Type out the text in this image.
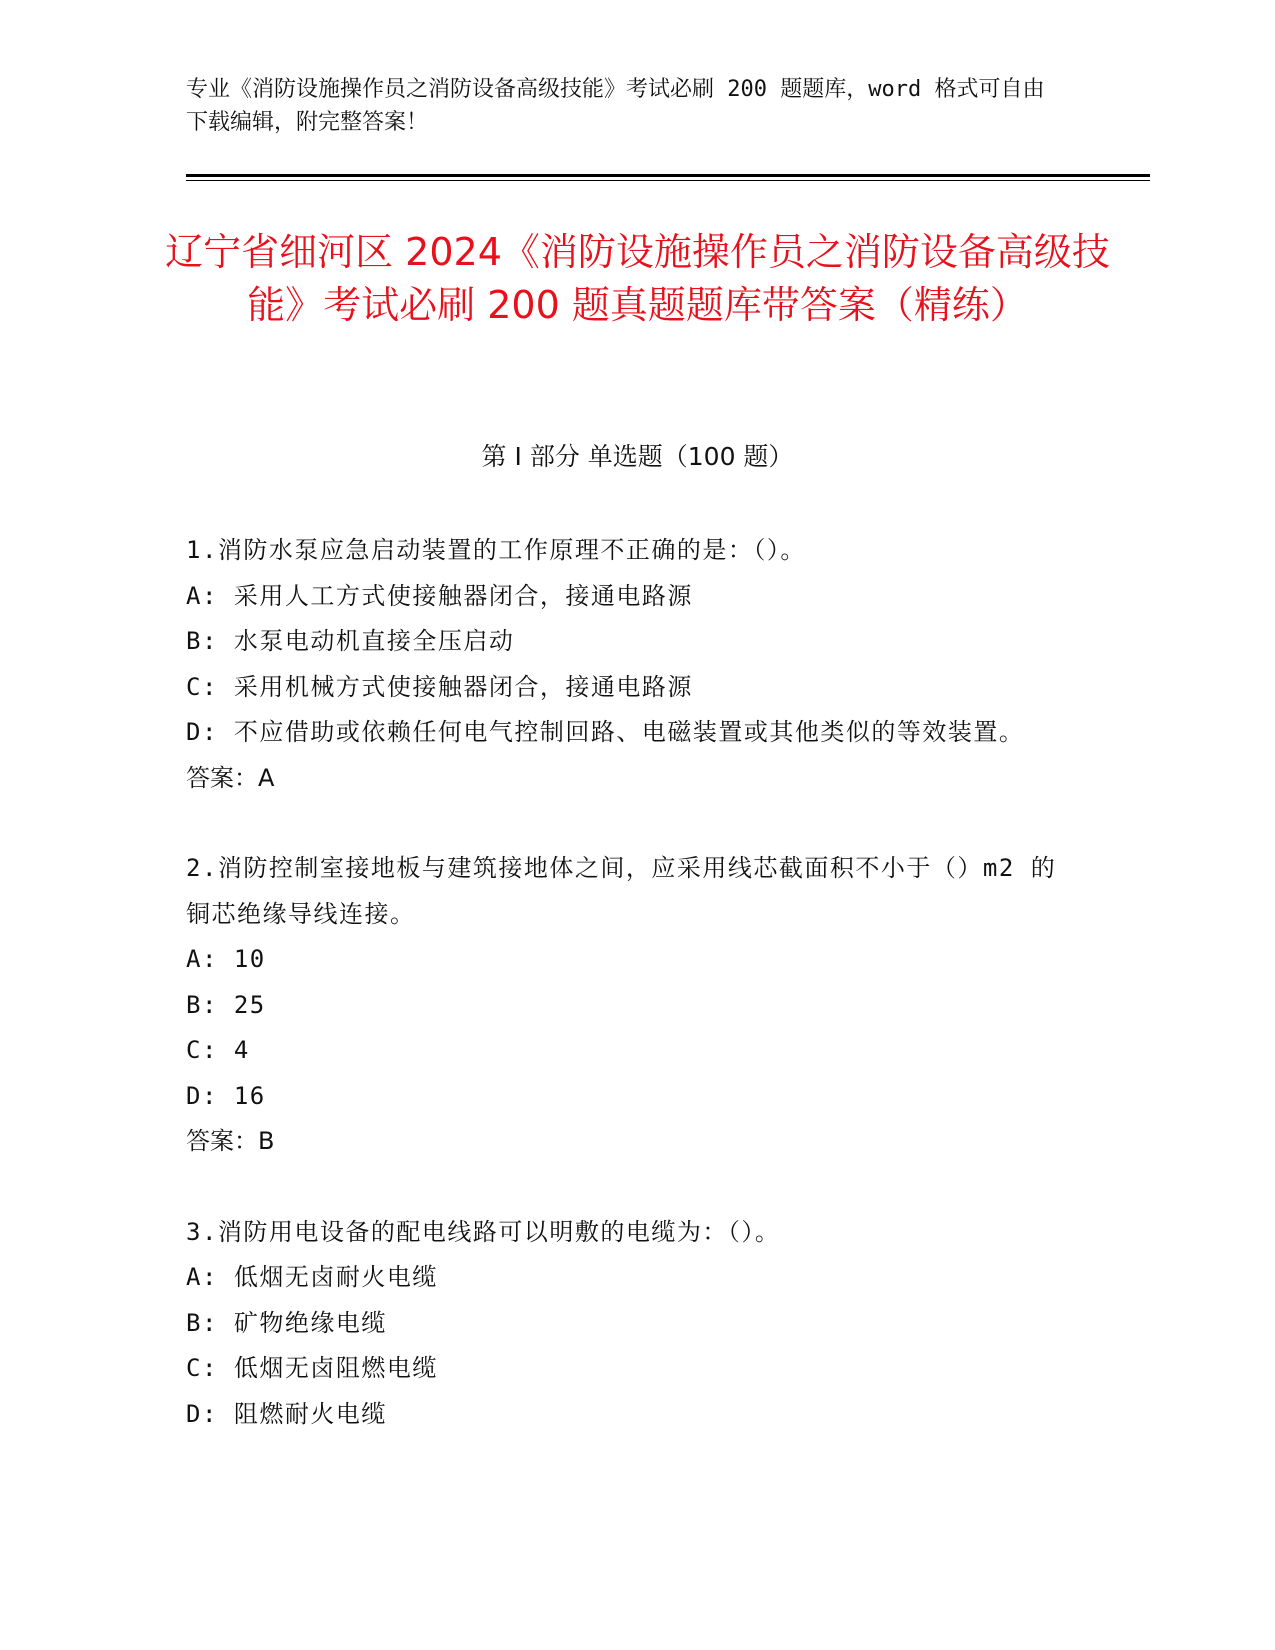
专业《消防设施操作员之消防设备高级技能》考试必刷 200 题题库，word 格式可自由下载编辑，附完整答案！
辽宁省细河区 2024《消防设施操作员之消防设备高级技能》考试必刷 200 题真题题库带答案（精练）
第 I 部分 单选题（100 题）

1.消防水泵应急启动装置的工作原理不正确的是：（）。

A: 采用人工方式使接触器闭合，接通电路源

B: 水泵电动机直接全压启动

C: 采用机械方式使接触器闭合，接通电路源

D: 不应借助或依赖任何电气控制回路、电磁装置或其他类似的等效装置。

答案：A

2.消防控制室接地板与建筑接地体之间，应采用线芯截面积不小于（）m2 的铜芯绝缘导线连接。

A: 10

B: 25

C: 4

D: 16

答案：B

3.消防用电设备的配电线路可以明敷的电缆为：（）。

A: 低烟无卤耐火电缆

B: 矿物绝缘电缆

C: 低烟无卤阻燃电缆

D: 阻燃耐火电缆
